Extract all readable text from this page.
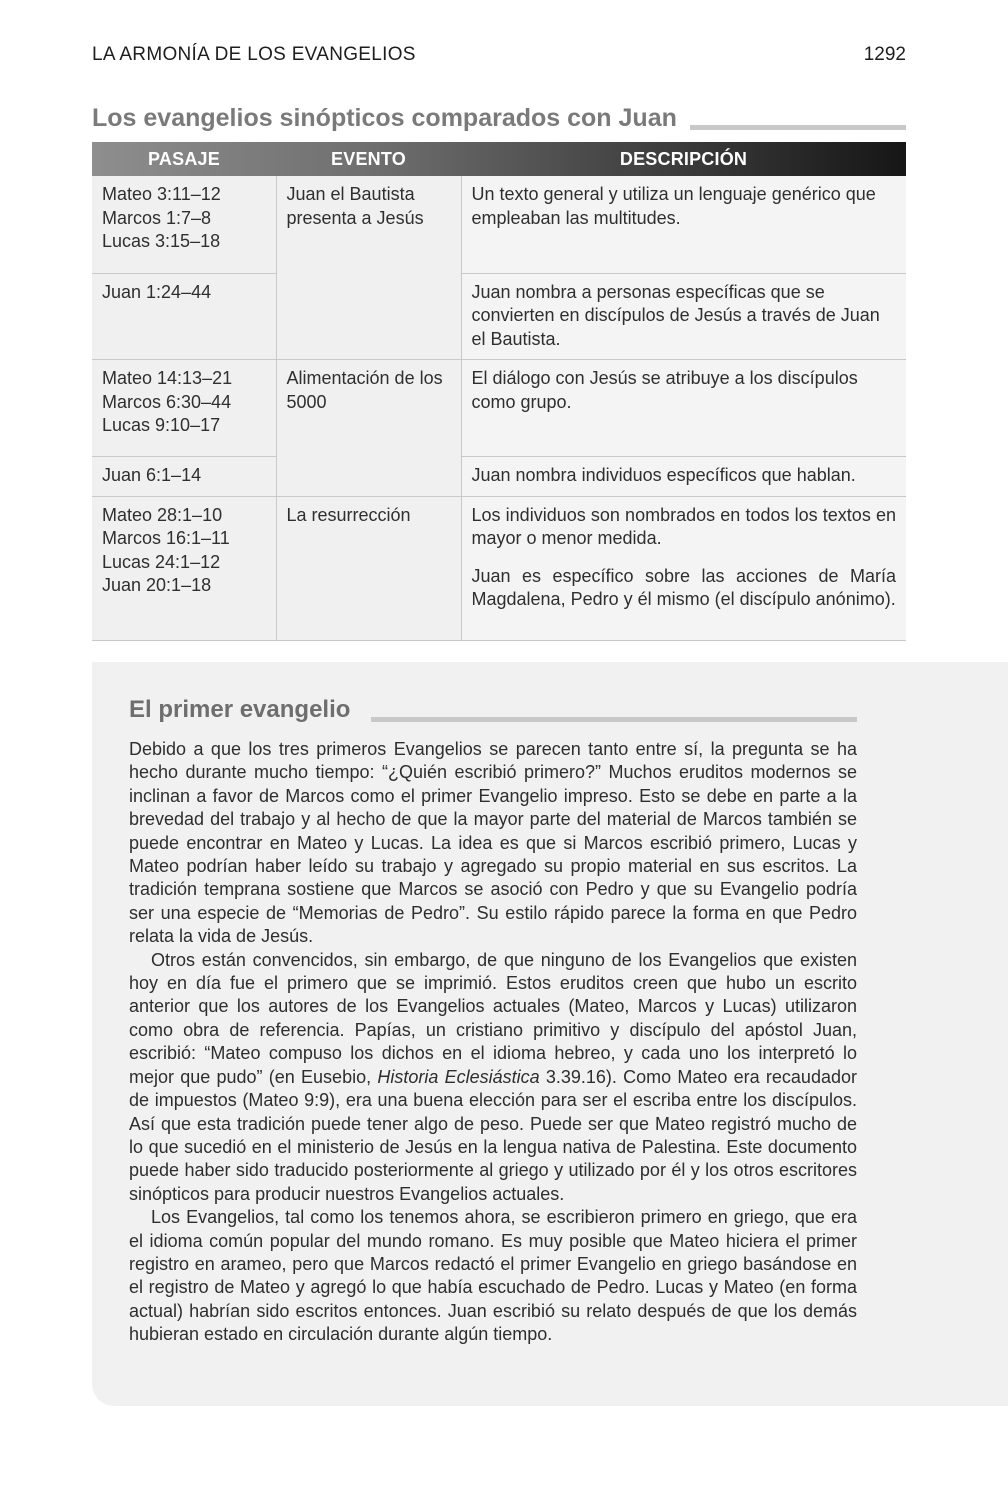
LA ARMONÍA DE LOS EVANGELIOS	1292
Los evangelios sinópticos comparados con Juan
PASAJE	EVENTO	DESCRIPCIÓN

Mateo 3:11–12
Marcos 1:7–8
Lucas 3:15–18	Juan el Bautista presenta a Jesús	Un texto general y utiliza un lenguaje genérico que empleaban las multitudes.

Juan 1:24–44		Juan nombra a personas específicas que se convierten en discípulos de Jesús a través de Juan el Bautista.

Mateo 14:13–21
Marcos 6:30–44
Lucas 9:10–17	Alimentación de los 5000	El diálogo con Jesús se atribuye a los discípulos como grupo.

Juan 6:1–14		Juan nombra individuos específicos que hablan.

Mateo 28:1–10
Marcos 16:1–11
Lucas 24:1–12
Juan 20:1–18	La resurrección	Los individuos son nombrados en todos los textos en mayor o menor medida.
Juan es específico sobre las acciones de María Magdalena, Pedro y él mismo (el discípulo anónimo).
El primer evangelio

Debido a que los tres primeros Evangelios se parecen tanto entre sí, la pregunta se ha hecho durante mucho tiempo: “¿Quién escribió primero?” Muchos eruditos modernos se inclinan a favor de Marcos como el primer Evangelio impreso. Esto se debe en parte a la brevedad del trabajo y al hecho de que la mayor parte del material de Marcos también se puede encontrar en Mateo y Lucas. La idea es que si Marcos escribió primero, Lucas y Mateo podrían haber leído su trabajo y agregado su propio material en sus escritos. La tradición temprana sostiene que Marcos se asoció con Pedro y que su Evangelio podría ser una especie de “Memorias de Pedro”. Su estilo rápido parece la forma en que Pedro relata la vida de Jesús.

Otros están convencidos, sin embargo, de que ninguno de los Evangelios que existen hoy en día fue el primero que se imprimió. Estos eruditos creen que hubo un escrito anterior que los autores de los Evangelios actuales (Mateo, Marcos y Lucas) utilizaron como obra de referencia. Papías, un cristiano primitivo y discípulo del apóstol Juan, escribió: “Mateo compuso los dichos en el idioma hebreo, y cada uno los interpretó lo mejor que pudo” (en Eusebio, Historia Eclesiástica 3.39.16). Como Mateo era recaudador de impuestos (Mateo 9:9), era una buena elección para ser el escriba entre los discípulos. Así que esta tradición puede tener algo de peso. Puede ser que Mateo registró mucho de lo que sucedió en el ministerio de Jesús en la lengua nativa de Palestina. Este documento puede haber sido traducido posteriormente al griego y utilizado por él y los otros escritores sinópticos para producir nuestros Evangelios actuales.

Los Evangelios, tal como los tenemos ahora, se escribieron primero en griego, que era el idioma común popular del mundo romano. Es muy posible que Mateo hiciera el primer registro en arameo, pero que Marcos redactó el primer Evangelio en griego basándose en el registro de Mateo y agregó lo que había escuchado de Pedro. Lucas y Mateo (en forma actual) habrían sido escritos entonces. Juan escribió su relato después de que los demás hubieran estado en circulación durante algún tiempo.
